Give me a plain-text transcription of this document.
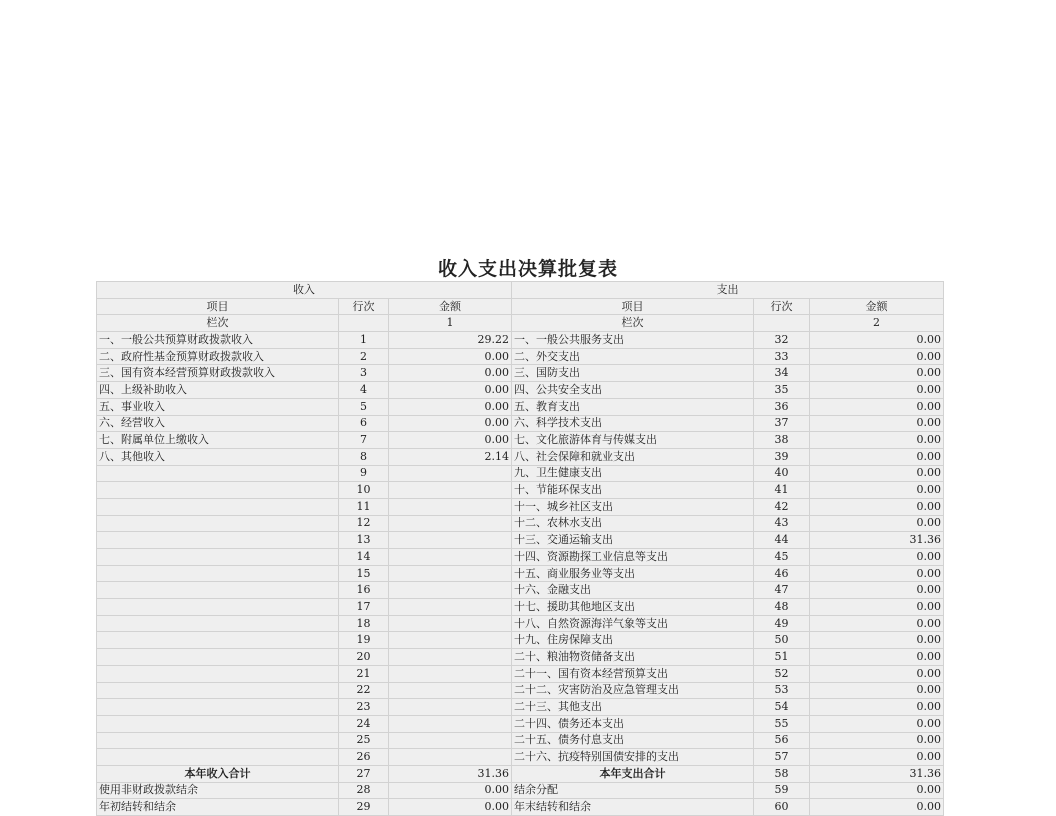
收入支出决算批复表
收入			支出		
项目	行次	金额	项目	行次	金额
栏次		1	栏次		2
一、一般公共预算财政拨款收入	1	29.22	一、一般公共服务支出	32	0.00
二、政府性基金预算财政拨款收入	2	0.00	二、外交支出	33	0.00
三、国有资本经营预算财政拨款收入	3	0.00	三、国防支出	34	0.00
四、上级补助收入	4	0.00	四、公共安全支出	35	0.00
五、事业收入	5	0.00	五、教育支出	36	0.00
六、经营收入	6	0.00	六、科学技术支出	37	0.00
七、附属单位上缴收入	7	0.00	七、文化旅游体育与传媒支出	38	0.00
八、其他收入	8	2.14	八、社会保障和就业支出	39	0.00
	9		九、卫生健康支出	40	0.00
	10		十、节能环保支出	41	0.00
	11		十一、城乡社区支出	42	0.00
	12		十二、农林水支出	43	0.00
	13		十三、交通运输支出	44	31.36
	14		十四、资源勘探工业信息等支出	45	0.00
	15		十五、商业服务业等支出	46	0.00
	16		十六、金融支出	47	0.00
	17		十七、援助其他地区支出	48	0.00
	18		十八、自然资源海洋气象等支出	49	0.00
	19		十九、住房保障支出	50	0.00
	20		二十、粮油物资储备支出	51	0.00
	21		二十一、国有资本经营预算支出	52	0.00
	22		二十二、灾害防治及应急管理支出	53	0.00
	23		二十三、其他支出	54	0.00
	24		二十四、债务还本支出	55	0.00
	25		二十五、债务付息支出	56	0.00
	26		二十六、抗疫特别国债安排的支出	57	0.00
本年收入合计	27	31.36	本年支出合计	58	31.36
使用非财政拨款结余	28	0.00	结余分配	59	0.00
年初结转和结余	29	0.00	年末结转和结余	60	0.00
